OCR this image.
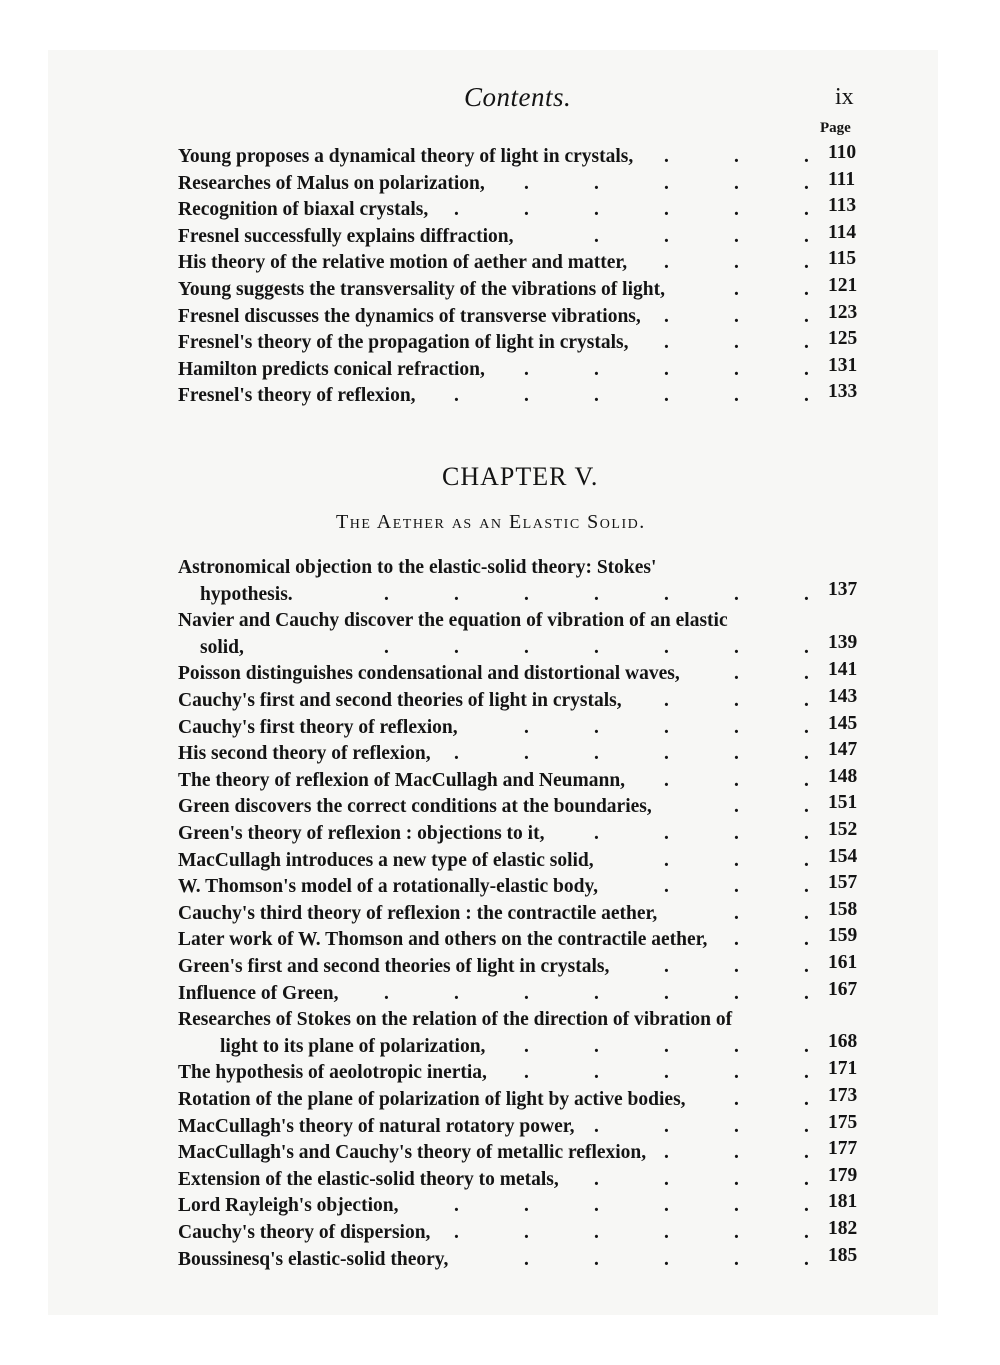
Contents.	ix
Page
Young proposes a dynamical theory of light in crystals,	110
.	.	.
Researches of Malus on polarization,	111
.	.	.	.	.
Recognition of biaxal crystals,	113
.	.	.	.	.	.
Fresnel successfully explains diffraction,	114
.	.	.	.
His theory of the relative motion of aether and matter,	115
.	.	.
Young suggests the transversality of the vibrations of light,	121
.	.
Fresnel discusses the dynamics of transverse vibrations,	123
.	.	.
Fresnel's theory of the propagation of light in crystals,	125
.	.	.
Hamilton predicts conical refraction,	131
.	.	.	.	.
Fresnel's theory of reflexion,	133
.	.	.	.	.	.
CHAPTER V.
The Aether as an Elastic Solid.
Astronomical objection to the elastic-solid theory: Stokes'
hypothesis.	137
.	.	.	.	.	.	.
Navier and Cauchy discover the equation of vibration of an elastic
solid,	139
.	.	.	.	.	.	.
Poisson distinguishes condensational and distortional waves,	141
.	.
Cauchy's first and second theories of light in crystals,	143
.	.	.
Cauchy's first theory of reflexion,	145
.	.	.	.	.
His second theory of reflexion,	147
.	.	.	.	.	.
The theory of reflexion of MacCullagh and Neumann,	148
.	.	.
Green discovers the correct conditions at the boundaries,	151
.	.
Green's theory of reflexion : objections to it,	152
.	.	.	.
MacCullagh introduces a new type of elastic solid,	154
.	.	.
W. Thomson's model of a rotationally-elastic body,	157
.	.	.
Cauchy's third theory of reflexion : the contractile aether,	158
.	.
Later work of W. Thomson and others on the contractile aether,	159
.	.
Green's first and second theories of light in crystals,	161
.	.	.
Influence of Green,	167
.	.	.	.	.	.	.
Researches of Stokes on the relation of the direction of vibration of
light to its plane of polarization,	168
.	.	.	.	.
The hypothesis of aeolotropic inertia,	171
.	.	.	.	.
Rotation of the plane of polarization of light by active bodies,	173
.	.
MacCullagh's theory of natural rotatory power,	175
.	.	.	.
MacCullagh's and Cauchy's theory of metallic reflexion,	177
.	.	.
Extension of the elastic-solid theory to metals,	179
.	.	.	.
Lord Rayleigh's objection,	181
.	.	.	.	.	.
Cauchy's theory of dispersion,	182
.	.	.	.	.	.
Boussinesq's elastic-solid theory,	185
.	.	.	.	.
